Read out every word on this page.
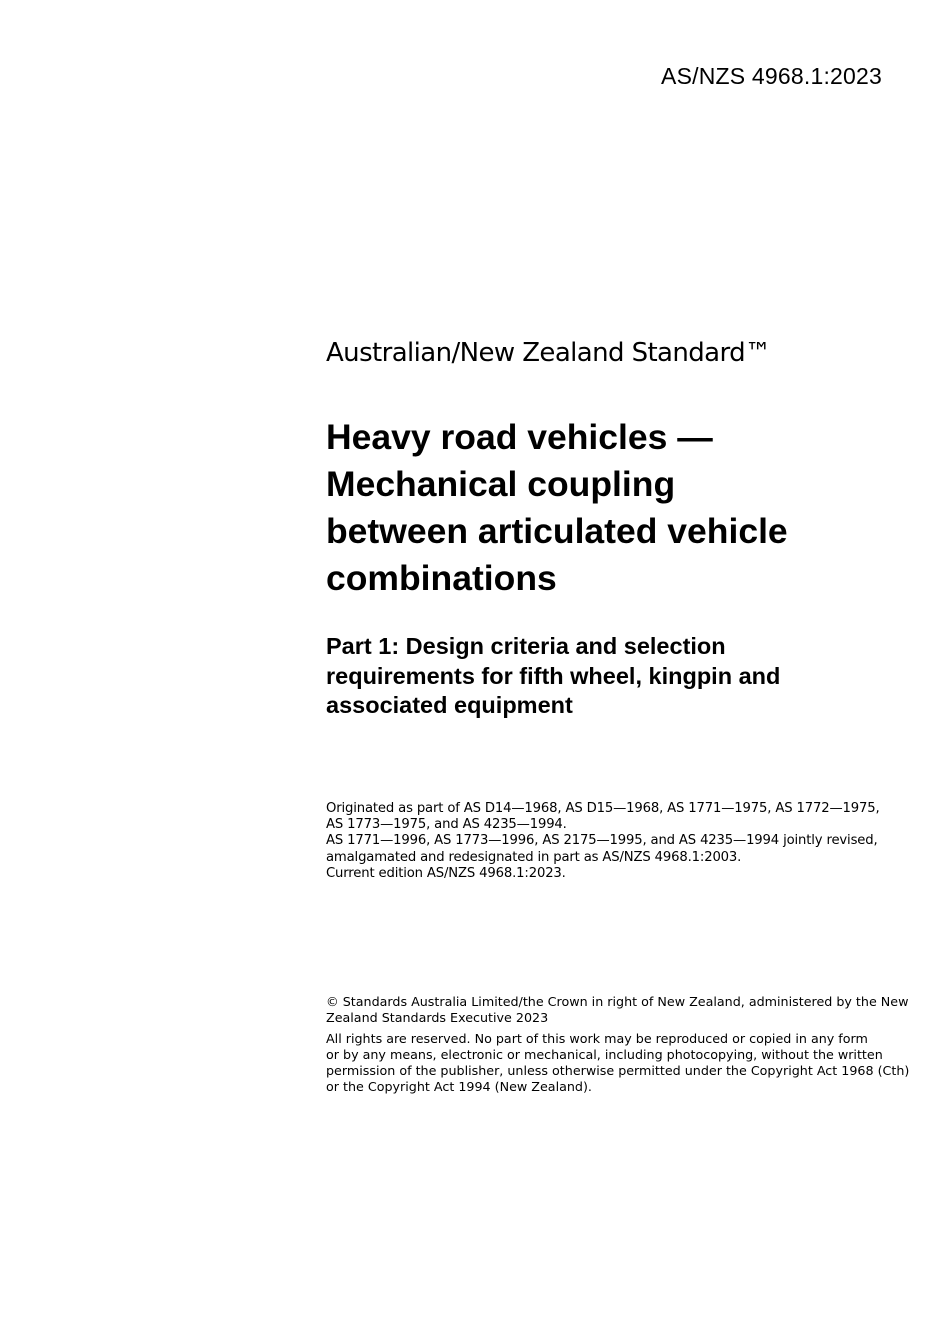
AS/NZS 4968.1:2023

Australian/New Zealand Standard™

Heavy road vehicles —
Mechanical coupling
between articulated vehicle
combinations
Part 1: Design criteria and selection
requirements for fifth wheel, kingpin and
associated equipment
Originated as part of AS D14—1968, AS D15—1968, AS 1771—1975, AS 1772—1975,
AS 1773—1975, and AS 4235—1994.
AS 1771—1996, AS 1773—1996, AS 2175—1995, and AS 4235—1994 jointly revised,
amalgamated and redesignated in part as AS/NZS 4968.1:2003.
Current edition AS/NZS 4968.1:2023.
© Standards Australia Limited/the Crown in right of New Zealand, administered by the New
Zealand Standards Executive 2023
All rights are reserved. No part of this work may be reproduced or copied in any form
or by any means, electronic or mechanical, including photocopying, without the written
permission of the publisher, unless otherwise permitted under the Copyright Act 1968 (Cth)
or the Copyright Act 1994 (New Zealand).
